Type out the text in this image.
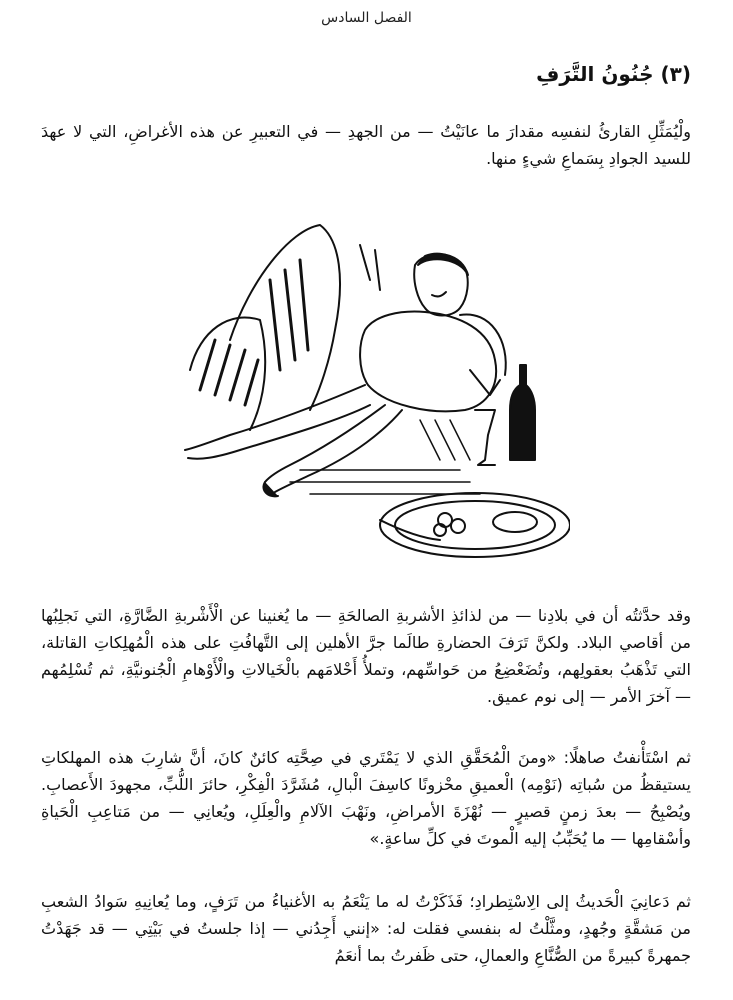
الفصل السادس
(٣) جُنُونُ التَّرَفِ

ولْيُمَثِّلِ القارئُ لنفسِه مقدارَ ما عانَيْتُ — من الجهدِ — في التعبيرِ عن هذه الأغراضِ، التي لا عهدَ للسيد الجوادِ بِسَماعِ شيءٍ منها.

وقد حدَّثتُه أن في بلادِنا — من لذائذِ الأشربةِ الصالحَةِ — ما يُغنينا عن الْأَشْربةِ الضَّارَّةِ، التي نَجلِبُها من أقاصي البلاد. ولكنَّ تَرَفَ الحضارةِ طالَما جرَّ الأهلين إلى التَّهافُتِ على هذه الْمُهلِكاتِ القاتلة، التي تَذْهَبُ بعقولِهم، وتُضَعْضِعُ من حَواسِّهم، وتملأُ أَحْلامَهم بالْخَيالاتِ والْأَوْهامِ الْجُنونيَّةِ، ثم تُسْلِمُهم — آخرَ الأمر — إلى نوم عميق.

ثم اسْتَأْنفتُ صاهلًا: «ومنَ الْمُحَقَّقِ الذي لا يَمْتَري في صِحَّتِه كائنٌ كانَ، أنَّ شارِبَ هذه المهلكاتِ يستيقظُ من سُباتِه (نَوْمِه) الْعميقِ محْزونًا كاسِفَ الْبالِ، مُشَرَّدَ الْفِكْرِ، حائرَ اللُّبِّ، مجهودَ الأَعصابِ. ويُصْبِحُ — بعدَ زمنٍ قصيرٍ — نُهْزَةَ الأمراضِ، ونَهْبَ الآلامِ والْعِلَلِ، ويُعانِي — من مَتاعِبِ الْحَياةِ وأسْقامِها — ما يُحَبِّبُ إليه الْموتَ في كلِّ ساعةٍ.»

ثم دَعانِيَ الْحَديثُ إلى الِاسْتِطرادِ؛ فَذَكَرْتُ له ما يَنْعَمُ به الأغنياءُ من تَرَفٍ، وما يُعانِيهِ سَوادُ الشعبِ من مَشقَّةٍ وجُهدٍ، ومثَّلْتُ له بنفسي فقلت له: «إنني أَجِدُني — إذا جلستُ في بَيْتِي — قد جَهَدْتُ جمهرةً كبيرةً من الصُّنَّاعِ والعمالِ، حتى ظَفرتُ بما أنعَمُ
